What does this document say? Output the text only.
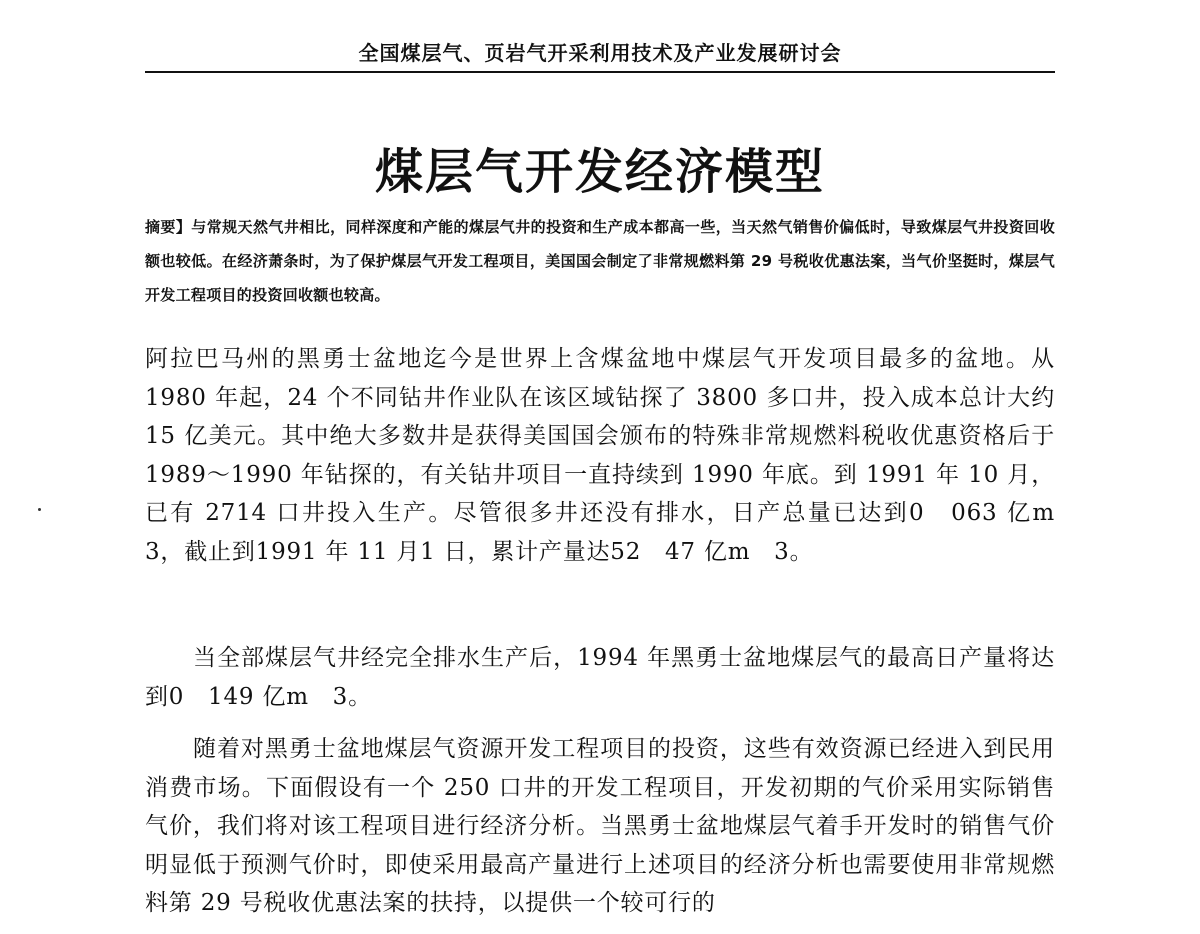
全国煤层气、页岩气开采利用技术及产业发展研讨会
煤层气开发经济模型
摘要】与常规天然气井相比，同样深度和产能的煤层气井的投资和生产成本都高一些，当天然气销售价偏低时，导致煤层气井投资回收额也较低。在经济萧条时，为了保护煤层气开发工程项目，美国国会制定了非常规燃料第 29 号税收优惠法案，当气价坚挺时，煤层气开发工程项目的投资回收额也较高。

阿拉巴马州的黑勇士盆地迄今是世界上含煤盆地中煤层气开发项目最多的盆地。从 1980 年起，24 个不同钻井作业队在该区域钻探了 3800 多口井，投入成本总计大约 15 亿美元。其中绝大多数井是获得美国国会颁布的特殊非常规燃料税收优惠资格后于 1989～1990 年钻探的，有关钻井项目一直持续到 1990 年底。到 1991 年 10 月，已有 2714 口井投入生产。尽管很多井还没有排水，日产总量已达到0　063 亿m　3，截止到1991 年 11 月1 日，累计产量达52　47 亿m　3。

当全部煤层气井经完全排水生产后，1994 年黑勇士盆地煤层气的最高日产量将达到0　149 亿m　3。

随着对黑勇士盆地煤层气资源开发工程项目的投资，这些有效资源已经进入到民用消费市场。下面假设有一个 250 口井的开发工程项目，开发初期的气价采用实际销售气价，我们将对该工程项目进行经济分析。当黑勇士盆地煤层气着手开发时的销售气价明显低于预测气价时，即使采用最高产量进行上述项目的经济分析也需要使用非常规燃料第 29 号税收优惠法案的扶持，以提供一个较可行的
